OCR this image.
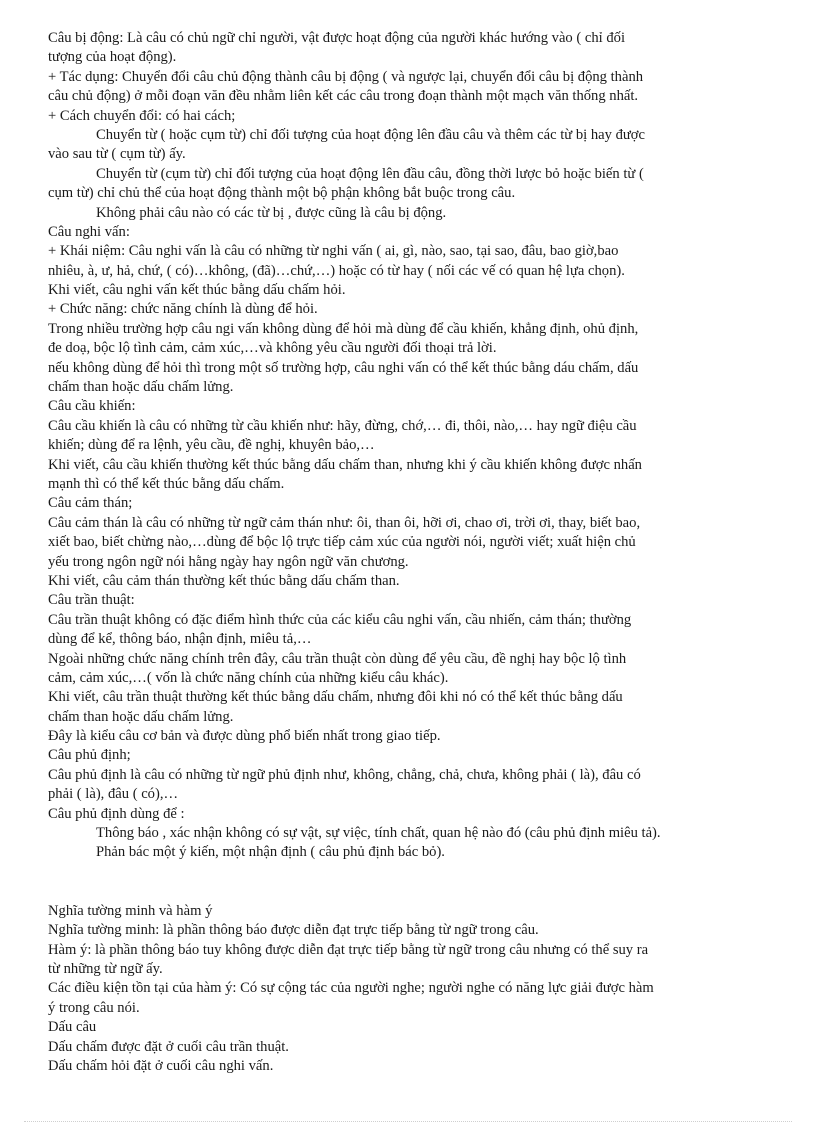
Câu bị động: Là câu có chủ ngữ chỉ người, vật được hoạt động của người khác hướng vào ( chỉ đối
tượng của hoạt động).
+ Tác dụng: Chuyển đổi câu chủ động thành câu bị động ( và ngược lại, chuyển đổi câu bị động thành
câu chủ động) ở mỗi đoạn văn đều nhằm liên kết các câu trong đoạn thành một mạch văn thống nhất.
+ Cách chuyển đổi: có hai cách;
Chuyển từ ( hoặc cụm từ) chỉ đối tượng của hoạt động lên đầu câu và thêm các từ bị hay được
vào sau từ ( cụm từ) ấy.
Chuyển từ (cụm từ) chỉ đối tượng của hoạt động lên đầu câu, đồng thời lược bỏ hoặc biến từ (
cụm từ) chỉ chủ thể của hoạt động thành một bộ phận không bắt buộc trong câu.
Không phải câu nào có các từ bị , được cũng là câu bị động.
Câu nghi vấn:
+ Khái niệm: Câu nghi vấn là câu có những từ nghi vấn ( ai, gì, nào, sao, tại sao, đâu, bao giờ,bao
nhiêu, à, ư, hả, chứ, ( có)…không, (đã)…chứ,…) hoặc có từ hay ( nối các vế có quan hệ lựa chọn).
Khi viết, câu nghi vấn kết thúc bằng dấu chấm hỏi.
+ Chức năng: chức năng chính là dùng để hỏi.
Trong nhiều trường hợp câu ngi vấn không dùng để hỏi mà dùng để cầu khiến, khẳng định, ohủ định,
đe doạ, bộc lộ tình cảm, cảm xúc,…và không yêu cầu người đối thoại trả lời.
nếu không dùng để hỏi thì trong một số trường hợp, câu nghi vấn có thể kết thúc bằng dáu chấm, dấu
chấm than hoặc dấu chấm lửng.
Câu cầu khiến:
Câu cầu khiến là câu có những từ cầu khiến như: hãy, đừng, chớ,… đi, thôi, nào,… hay ngữ điệu cầu
khiến; dùng để ra lệnh, yêu cầu, đề nghị, khuyên bảo,…
Khi viết, câu cầu khiến thường kết thúc bằng dấu chấm than, nhưng khi ý cầu khiến không được nhấn
mạnh thì có thể kết thúc bằng dấu chấm.
Câu cảm thán;
Câu cảm thán là câu có những từ ngữ cảm thán như: ôi, than ôi, hỡi ơi, chao ơi, trời ơi, thay, biết bao,
xiết bao, biết chừng nào,…dùng để bộc lộ trực tiếp cảm xúc của người nói, người viết; xuất hiện chủ
yếu trong ngôn ngữ nói hằng ngày hay ngôn ngữ văn chương.
Khi viết, câu cảm thán thường kết thúc bằng dấu chấm than.
Câu trần thuật:
Câu trần thuật không có đặc điểm hình thức của các kiểu câu nghi vấn, cầu nhiến, cảm thán; thường
dùng để kể, thông báo, nhận định, miêu tả,…
Ngoài những chức năng chính trên đây, câu trần thuật còn dùng để yêu cầu, đề nghị hay bộc lộ tình
cảm, cảm xúc,…( vốn là chức năng chính của những kiểu câu khác).
Khi viết, câu trần thuật thường kết thúc bằng dấu chấm, nhưng đôi khi nó có thể kết thúc bằng dấu
chấm than hoặc dấu chấm lửng.
Đây là kiểu câu cơ bản và được dùng phổ biến nhất trong giao tiếp.
Câu phủ định;
Câu phủ định là câu có những từ ngữ phủ định như, không, chẳng, chả, chưa, không phải ( là), đâu có
phải ( là), đâu ( có),…
Câu phủ định dùng để :
Thông báo , xác nhận không có sự vật, sự việc, tính chất, quan hệ nào đó (câu phủ định miêu tả).
Phản bác một ý kiến, một nhận định ( câu phủ định bác bỏ).
Nghĩa tường minh và hàm ý
Nghĩa tường minh: là phần thông báo được diễn đạt trực tiếp bằng từ ngữ trong câu.
Hàm ý: là phần thông báo tuy không được diễn đạt trực tiếp bằng từ ngữ trong câu nhưng có thể suy ra
từ những từ ngữ ấy.
Các điều kiện tồn tại của hàm ý: Có sự cộng tác của người nghe; người nghe có năng lực giải được hàm
ý trong câu nói.
Dấu câu
Dấu chấm được đặt ở cuối câu trần thuật.
Dấu chấm hỏi đặt ở cuối câu nghi vấn.
